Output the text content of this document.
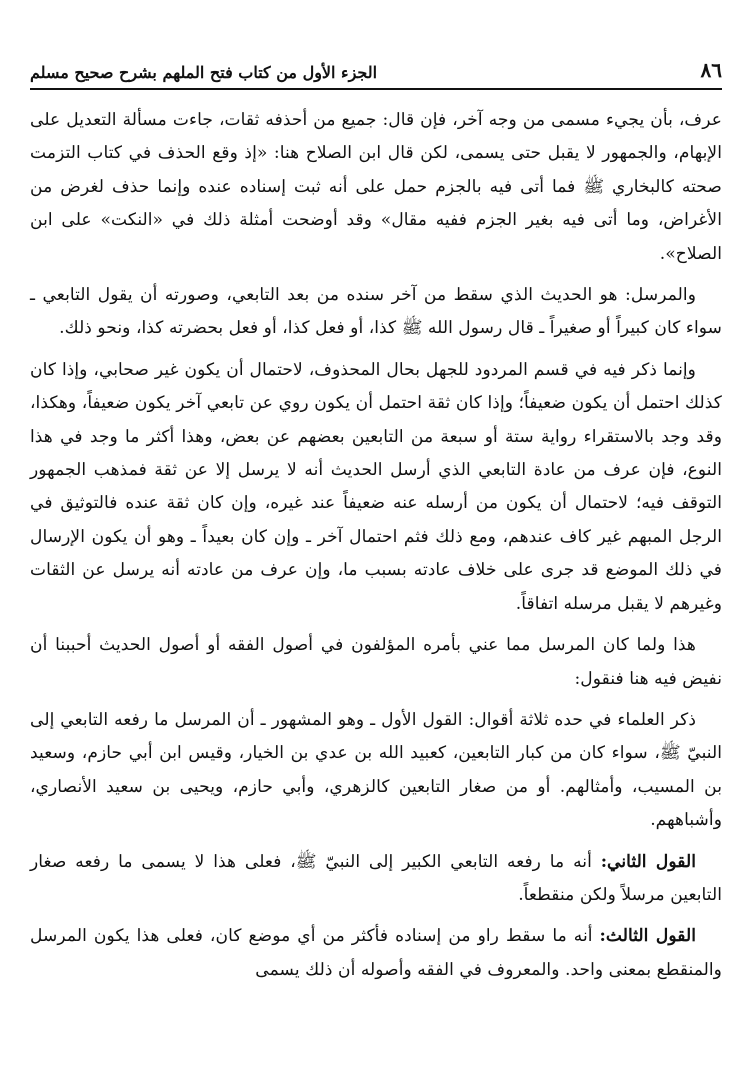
٨٦
الجزء الأول من كتاب فتح الملهم بشرح صحيح مسلم

عرف، بأن يجيء مسمى من وجه آخر، فإن قال: جميع من أحذفه ثقات، جاءت مسألة التعديل على الإبهام، والجمهور لا يقبل حتى يسمى، لكن قال ابن الصلاح هنا: «إذ وقع الحذف في كتاب التزمت صحته كالبخاري ﷺ فما أتى فيه بالجزم حمل على أنه ثبت إسناده عنده وإنما حذف لغرض من الأغراض، وما أتى فيه بغير الجزم ففيه مقال» وقد أوضحت أمثلة ذلك في «النكت» على ابن الصلاح».

والمرسل: هو الحديث الذي سقط من آخر سنده من بعد التابعي، وصورته أن يقول التابعي ـ سواء كان كبيراً أو صغيراً ـ قال رسول الله ﷺ كذا، أو فعل كذا، أو فعل بحضرته كذا، ونحو ذلك.

وإنما ذكر فيه في قسم المردود للجهل بحال المحذوف، لاحتمال أن يكون غير صحابي، وإذا كان كذلك احتمل أن يكون ضعيفاً؛ وإذا كان ثقة احتمل أن يكون روي عن تابعي آخر يكون ضعيفاً، وهكذا، وقد وجد بالاستقراء رواية ستة أو سبعة من التابعين بعضهم عن بعض، وهذا أكثر ما وجد في هذا النوع، فإن عرف من عادة التابعي الذي أرسل الحديث أنه لا يرسل إلا عن ثقة فمذهب الجمهور التوقف فيه؛ لاحتمال أن يكون من أرسله عنه ضعيفاً عند غيره، وإن كان ثقة عنده فالتوثيق في الرجل المبهم غير كاف عندهم، ومع ذلك فثم احتمال آخر ـ وإن كان بعيداً ـ وهو أن يكون الإرسال في ذلك الموضع قد جرى على خلاف عادته بسبب ما، وإن عرف من عادته أنه يرسل عن الثقات وغيرهم لا يقبل مرسله اتفاقاً.

هذا ولما كان المرسل مما عني بأمره المؤلفون في أصول الفقه أو أصول الحديث أحببنا أن نفيض فيه هنا فنقول:

ذكر العلماء في حده ثلاثة أقوال: القول الأول ـ وهو المشهور ـ أن المرسل ما رفعه التابعي إلى النبيّ ﷺ، سواء كان من كبار التابعين، كعبيد الله بن عدي بن الخيار، وقيس ابن أبي حازم، وسعيد بن المسيب، وأمثالهم. أو من صغار التابعين كالزهري، وأبي حازم، ويحيى بن سعيد الأنصاري، وأشباههم.

القول الثاني: أنه ما رفعه التابعي الكبير إلى النبيّ ﷺ، فعلى هذا لا يسمى ما رفعه صغار التابعين مرسلاً ولكن منقطعاً.

القول الثالث: أنه ما سقط راو من إسناده فأكثر من أي موضع كان، فعلى هذا يكون المرسل والمنقطع بمعنى واحد. والمعروف في الفقه وأصوله أن ذلك يسمى
